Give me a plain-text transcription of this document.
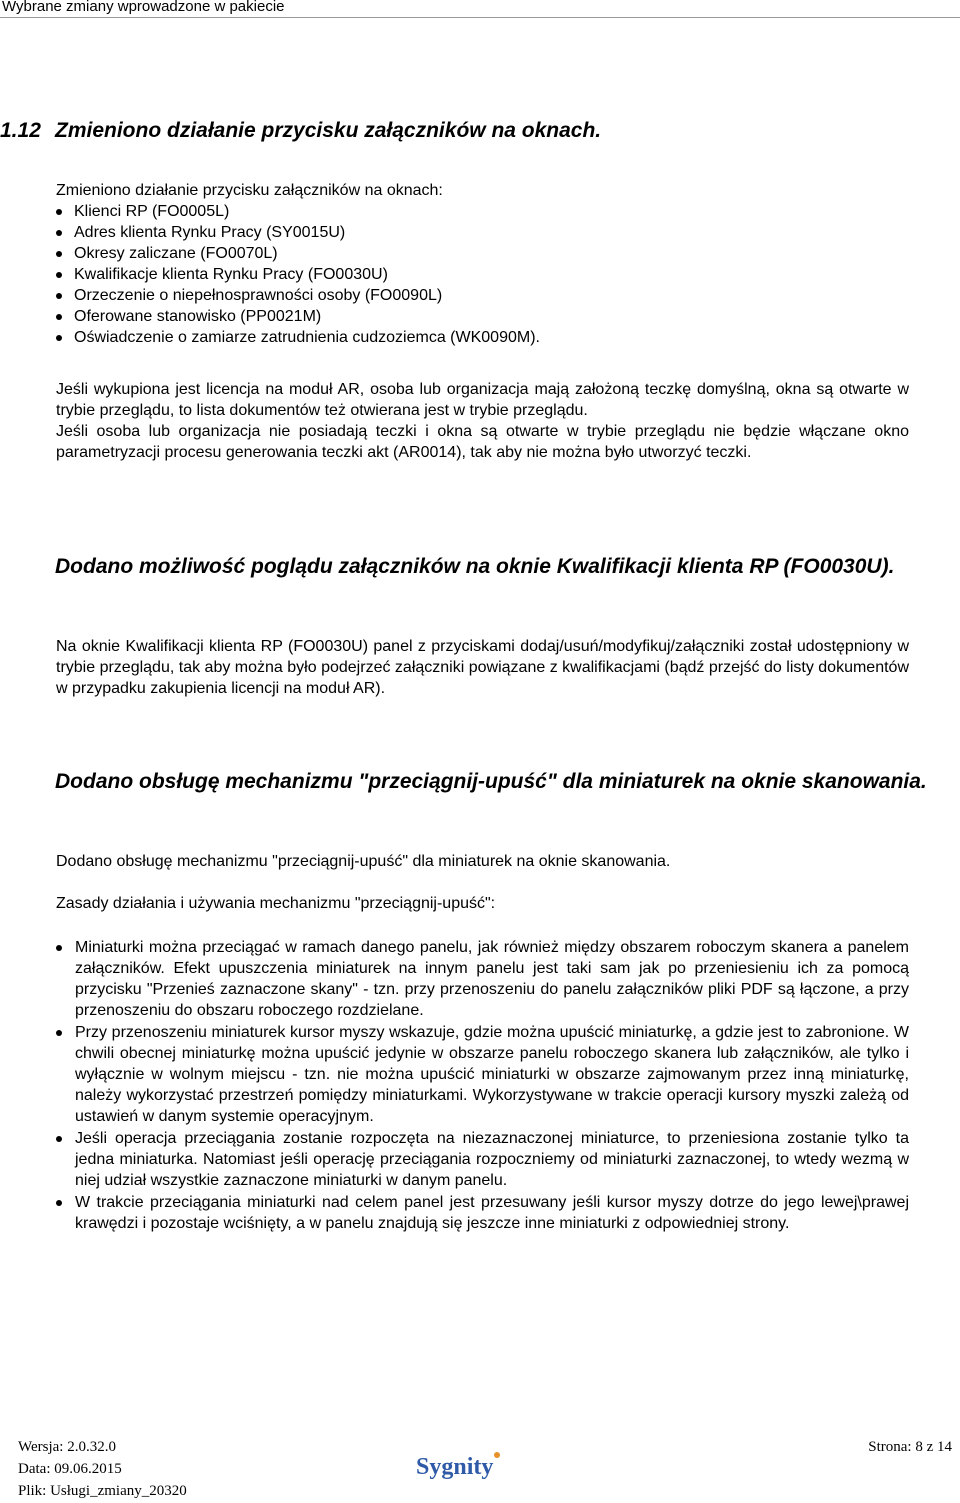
Wybrane zmiany wprowadzone w pakiecie
1.12 Zmieniono działanie przycisku załączników na oknach.
Zmieniono działanie przycisku załączników na oknach:
Klienci RP (FO0005L)
Adres klienta Rynku Pracy (SY0015U)
Okresy zaliczane (FO0070L)
Kwalifikacje klienta Rynku Pracy (FO0030U)
Orzeczenie o niepełnosprawności osoby (FO0090L)
Oferowane stanowisko (PP0021M)
Oświadczenie o zamiarze zatrudnienia cudzoziemca (WK0090M).
Jeśli wykupiona jest licencja na moduł AR, osoba lub organizacja mają założoną teczkę domyślną, okna są otwarte w trybie przeglądu, to lista dokumentów też otwierana jest w trybie przeglądu.
Jeśli osoba lub organizacja nie posiadają teczki i okna są otwarte w trybie przeglądu nie będzie włączane okno parametryzacji procesu generowania teczki akt (AR0014), tak aby nie można było utworzyć teczki.
Dodano możliwość poglądu załączników na oknie Kwalifikacji klienta RP (FO0030U).
Na oknie Kwalifikacji klienta RP (FO0030U) panel z przyciskami dodaj/usuń/modyfikuj/załączniki został udostępniony w trybie przeglądu, tak aby można było podejrzeć załączniki powiązane z kwalifikacjami (bądź przejść do listy dokumentów w przypadku zakupienia licencji na moduł AR).
Dodano obsługę mechanizmu "przeciągnij-upuść" dla miniaturek na oknie skanowania.
Dodano obsługę mechanizmu "przeciągnij-upuść" dla miniaturek na oknie skanowania.
Zasady działania i używania mechanizmu "przeciągnij-upuść":
Miniaturki można przeciągać w ramach danego panelu, jak również między obszarem roboczym skanera a panelem załączników. Efekt upuszczenia miniaturek na innym panelu jest taki sam jak po przeniesieniu ich za pomocą przycisku "Przenieś zaznaczone skany" - tzn. przy przenoszeniu do panelu załączników pliki PDF są łączone, a przy przenoszeniu do obszaru roboczego rozdzielane.
Przy przenoszeniu miniaturek kursor myszy wskazuje, gdzie można upuścić miniaturkę, a gdzie jest to zabronione. W chwili obecnej miniaturkę można upuścić jedynie w obszarze panelu roboczego skanera lub załączników, ale tylko i wyłącznie w wolnym miejscu - tzn. nie można upuścić miniaturki w obszarze zajmowanym przez inną miniaturkę, należy wykorzystać przestrzeń pomiędzy miniaturkami. Wykorzystywane w trakcie operacji kursory myszki zależą od ustawień w danym systemie operacyjnym.
Jeśli operacja przeciągania zostanie rozpoczęta na niezaznaczonej miniaturce, to przeniesiona zostanie tylko ta jedna miniaturka. Natomiast jeśli operację przeciągania rozpoczniemy od miniaturki zaznaczonej, to wtedy wezmą w niej udział wszystkie zaznaczone miniaturki w danym panelu.
W trakcie przeciągania miniaturki nad celem panel jest przesuwany jeśli kursor myszy dotrze do jego lewej\prawej krawędzi i pozostaje wciśnięty, a w panelu znajdują się jeszcze inne miniaturki z odpowiedniej strony.
Wersja: 2.0.32.0
Data: 09.06.2015
Plik: Usługi_zmiany_20320
Strona: 8 z 14
Sygnity
